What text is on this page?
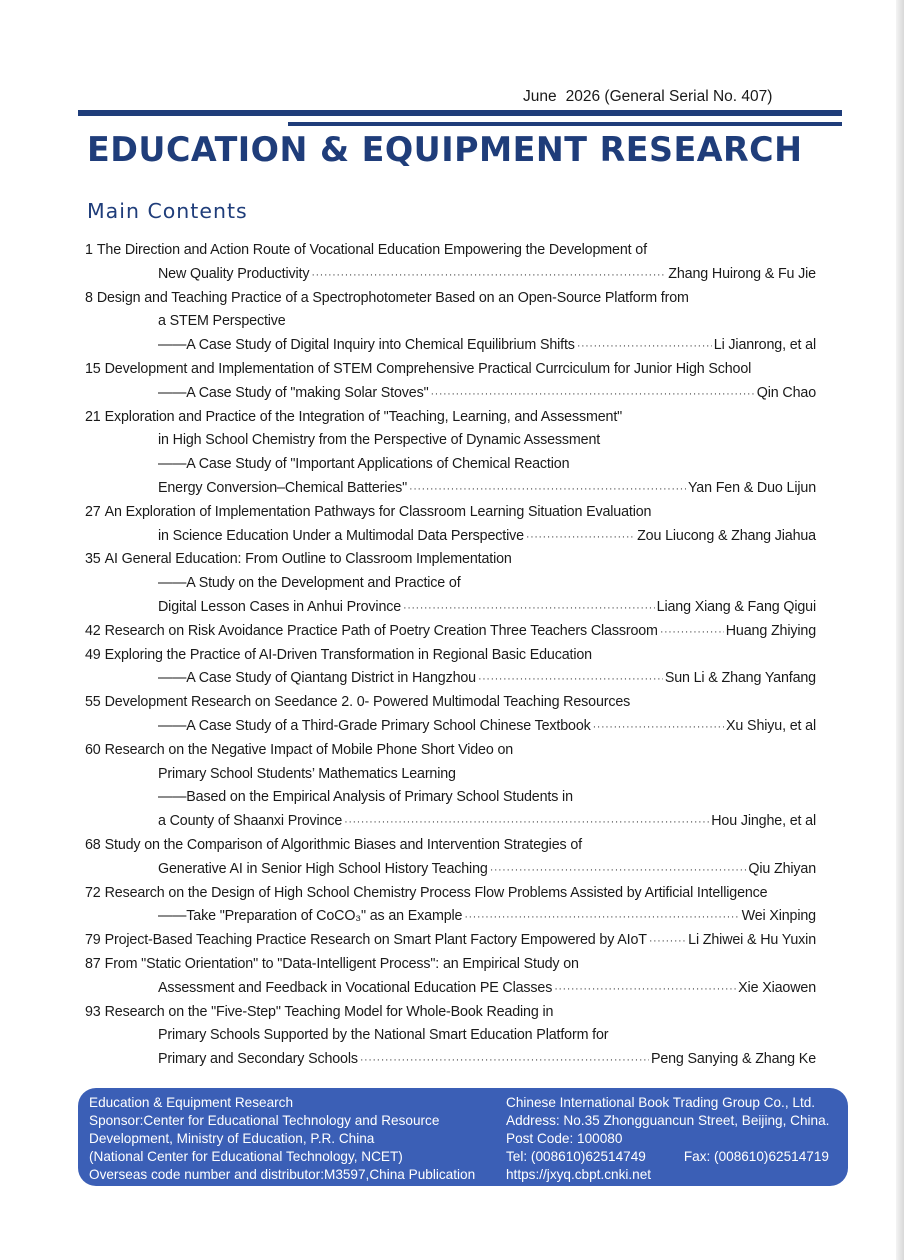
June 2026 (General Serial No. 407)
EDUCATION & EQUIPMENT RESEARCH
Main Contents
1 The Direction and Action Route of Vocational Education Empowering the Development of
New Quality Productivity ·····	Zhang Huirong & Fu Jie
8 Design and Teaching Practice of a Spectrophotometer Based on an Open-Source Platform from
a STEM Perspective
——A Case Study of Digital Inquiry into Chemical Equilibrium Shifts ·····	Li Jianrong, et al
15 Development and Implementation of STEM Comprehensive Practical Currciculum for Junior High School
——A Case Study of "making Solar Stoves" ·····	Qin Chao
21 Exploration and Practice of the Integration of "Teaching, Learning, and Assessment"
in High School Chemistry from the Perspective of Dynamic Assessment
——A Case Study of "Important Applications of Chemical Reaction
Energy Conversion–Chemical Batteries" ·····	Yan Fen & Duo Lijun
27 An Exploration of Implementation Pathways for Classroom Learning Situation Evaluation
in Science Education Under a Multimodal Data Perspective ·····	Zou Liucong & Zhang Jiahua
35 AI General Education: From Outline to Classroom Implementation
——A Study on the Development and Practice of
Digital Lesson Cases in Anhui Province ·····	Liang Xiang & Fang Qigui
42 Research on Risk Avoidance Practice Path of Poetry Creation Three Teachers Classroom ·····	Huang Zhiying
49 Exploring the Practice of AI-Driven Transformation in Regional Basic Education
——A Case Study of Qiantang District in Hangzhou ·····	Sun Li & Zhang Yanfang
55 Development Research on Seedance 2. 0- Powered Multimodal Teaching Resources
——A Case Study of a Third-Grade Primary School Chinese Textbook ·····	Xu Shiyu, et al
60 Research on the Negative Impact of Mobile Phone Short Video on
Primary School Students’ Mathematics Learning
——Based on the Empirical Analysis of Primary School Students in
a County of Shaanxi Province ·····	Hou Jinghe, et al
68 Study on the Comparison of Algorithmic Biases and Intervention Strategies of
Generative AI in Senior High School History Teaching ·····	Qiu Zhiyan
72 Research on the Design of High School Chemistry Process Flow Problems Assisted by Artificial Intelligence
——Take "Preparation of CoCO₃" as an Example ·····	Wei Xinping
79 Project-Based Teaching Practice Research on Smart Plant Factory Empowered by AIoT ·····	Li Zhiwei & Hu Yuxin
87 From "Static Orientation" to "Data-Intelligent Process": an Empirical Study on
Assessment and Feedback in Vocational Education PE Classes ·····	Xie Xiaowen
93 Research on the "Five-Step" Teaching Model for Whole-Book Reading in
Primary Schools Supported by the National Smart Education Platform for
Primary and Secondary Schools ·····	Peng Sanying & Zhang Ke
Education & Equipment Research
Sponsor:Center for Educational Technology and Resource
Development, Ministry of Education, P.R. China
(National Center for Educational Technology, NCET)
Overseas code number and distributor:M3597,China Publication
Chinese International Book Trading Group Co., Ltd.
Address: No.35 Zhongguancun Street, Beijing, China.
Post Code: 100080
Tel: (008610)62514749	Fax: (008610)62514719
https://jxyq.cbpt.cnki.net
